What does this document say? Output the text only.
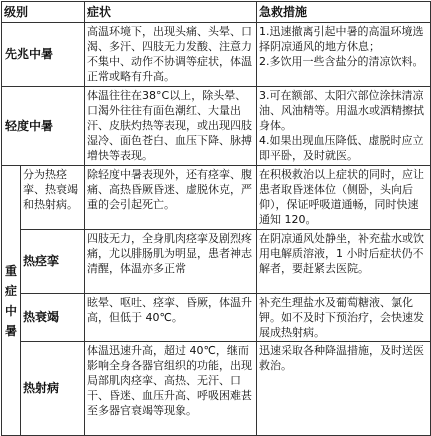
级别		症状	急救措施
先兆中暑		高温环境下，出现头痛、头晕、口渴、多汗、四肢无力发酸、注意力不集中、动作不协调等症状，体温正常或略有升高。	1.迅速撤离引起中暑的高温环境选择阴凉通风的地方休息；
2.多饮用一些含盐分的清凉饮料。

轻度中暑		体温往往在38°C以上，除头晕、口渴外往往有面色潮红、大量出汗、皮肤灼热等表现，或出现四肢湿冷、面色苍白、血压下降、脉搏增快等表现。	3.可在额部、太阳穴部位涂抹清凉油、风油精等。用温水或酒精擦拭身体。
4.如果出现血压降低、虚脱时应立即平卧，及时就医。

重
症
中
暑	分为热痉挛、热衰竭和热射病。	除轻度中暑表现外，还有痉挛、腹痛、高热昏厥昏迷、虚脱休克，严重的会引起死亡。	在积极救治以上症状的同时，应让患者取昏迷体位（侧卧，头向后仰），保证呼吸道通畅，同时快速通知 120。
	热痉挛	四肢无力，全身肌肉痉挛及剧烈疼痛，尤以腓肠肌为明显，患者神志清醒，体温亦多正常	在阴凉通风处静坐，补充盐水或饮用电解质溶液，1 小时后症状仍不解者，要赶紧去医院。
	热衰竭	眩晕、呕吐、痉挛、昏厥，体温升高，但低于 40℃。	补充生理盐水及葡萄糖液、氯化钾。如不及时下预治疗，会快速发展成热射病。
	热射病	体温迅速升高，超过 40℃，继而影响全身各器官组织的功能，出现局部肌肉痉挛、高热、无汗、口干、昏迷、血压升高、呼吸困难甚至多器官衰竭等现象。	迅速采取各种降温措施，及时送医救治。
